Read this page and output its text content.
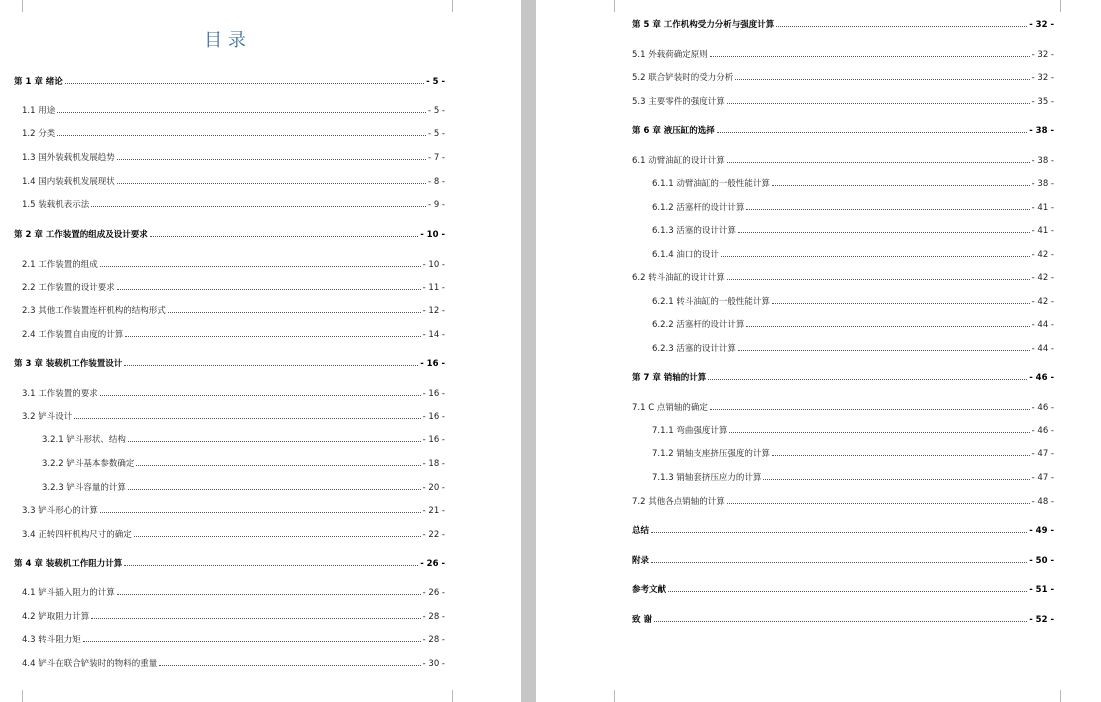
目 录
第 1 章 绪论	- 5 -
1.1 用途	- 5 -
1.2 分类	- 5 -
1.3 国外装载机发展趋势	- 7 -
1.4 国内装载机发展现状	- 8 -
1.5 装载机表示法	- 9 -
第 2 章 工作装置的组成及设计要求	- 10 -
2.1 工作装置的组成	- 10 -
2.2 工作装置的设计要求	- 11 -
2.3 其他工作装置连杆机构的结构形式	- 12 -
2.4 工作装置自由度的计算	- 14 -
第 3 章 装载机工作装置设计	- 16 -
3.1 工作装置的要求	- 16 -
3.2 铲斗设计	- 16 -
3.2.1 铲斗形状、结构	- 16 -
3.2.2 铲斗基本参数确定	- 18 -
3.2.3 铲斗容量的计算	- 20 -
3.3 铲斗形心的计算	- 21 -
3.4 正转四杆机构尺寸的确定	- 22 -
第 4 章 装载机工作阻力计算	- 26 -
4.1 铲斗插入阻力的计算	- 26 -
4.2 铲取阻力计算	- 28 -
4.3 转斗阻力矩	- 28 -
4.4 铲斗在联合铲装时的物料的重量	- 30 -
第 5 章 工作机构受力分析与强度计算	- 32 -
5.1 外载荷确定原则	- 32 -
5.2 联合铲装时的受力分析	- 32 -
5.3 主要零件的强度计算	- 35 -
第 6 章 液压缸的选择	- 38 -
6.1 动臂油缸的设计计算	- 38 -
6.1.1 动臂油缸的一般性能计算	- 38 -
6.1.2 活塞杆的设计计算	- 41 -
6.1.3 活塞的设计计算	- 41 -
6.1.4 油口的设计	- 42 -
6.2 转斗油缸的设计计算	- 42 -
6.2.1 转斗油缸的一般性能计算	- 42 -
6.2.2 活塞杆的设计计算	- 44 -
6.2.3 活塞的设计计算	- 44 -
第 7 章 销轴的计算	- 46 -
7.1 C 点销轴的确定	- 46 -
7.1.1 弯曲强度计算	- 46 -
7.1.2 销轴支座挤压强度的计算	- 47 -
7.1.3 销轴套挤压应力的计算	- 47 -
7.2 其他各点销轴的计算	- 48 -
总结	- 49 -
附录	- 50 -
参考文献	- 51 -
致 谢	- 52 -
